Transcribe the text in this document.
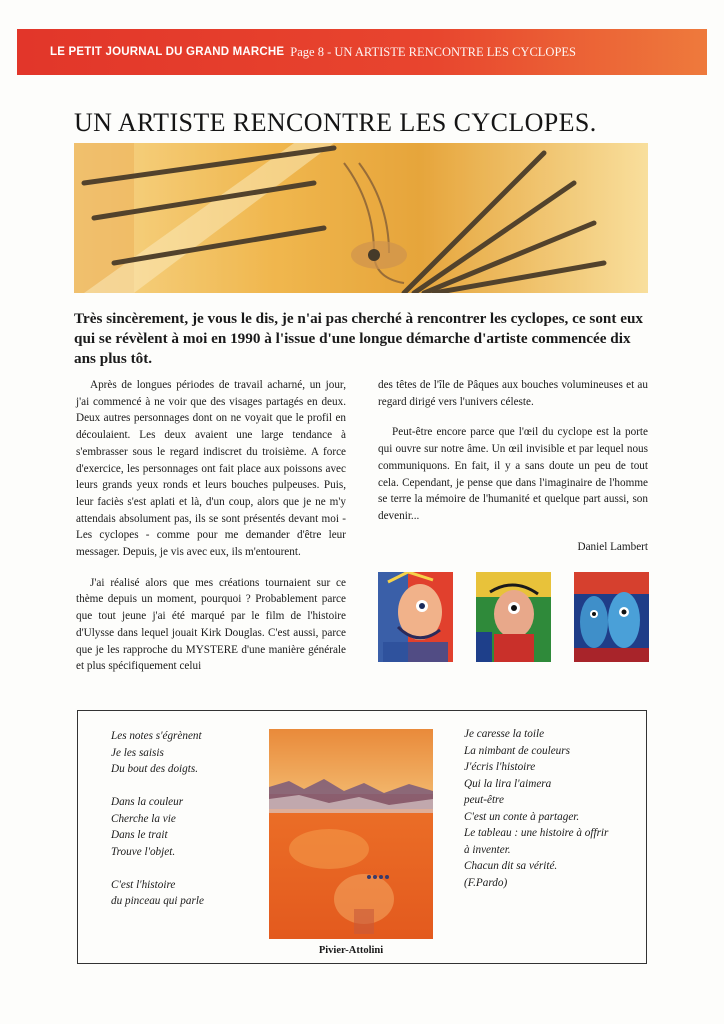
LE PETIT JOURNAL DU GRAND MARCHE Page 8 - UN ARTISTE RENCONTRE LES CYCLOPES
UN ARTISTE RENCONTRE LES CYCLOPES.

Très sincèrement, je vous le dis, je n'ai pas cherché à rencontrer les cyclopes, ce sont eux qui se révèlent à moi en 1990 à l'issue d'une longue démarche d'artiste commencée dix ans plus tôt.

Après de longues périodes de travail acharné, un jour, j'ai commencé à ne voir que des visages partagés en deux. Deux autres personnages dont on ne voyait que le profil en découlaient. Les deux avaient une large tendance à s'embrasser sous le regard indiscret du troisième. A force d'exercice, les personnages ont fait place aux poissons avec leurs grands yeux ronds et leurs bouches pulpeuses. Puis, leur faciès s'est aplati et là, d'un coup, alors que je ne m'y attendais absolument pas, ils se sont présentés devant moi - Les cyclopes - comme pour me demander d'être leur messager. Depuis, je vis avec eux, ils m'entourent.

J'ai réalisé alors que mes créations tournaient sur ce thème depuis un moment, pourquoi ? Probablement parce que tout jeune j'ai été marqué par le film de l'histoire d'Ulysse dans lequel jouait Kirk Douglas. C'est aussi, parce que je les rapproche du MYSTERE d'une manière générale et plus spécifiquement celui

des têtes de l'île de Pâques aux bouches volumineuses et au regard dirigé vers l'univers céleste.

Peut-être encore parce que l'œil du cyclope est la porte qui ouvre sur notre âme. Un œil invisible et par lequel nous communiquons. En fait, il y a sans doute un peu de tout cela. Cependant, je pense que dans l'imaginaire de l'homme se terre la mémoire de l'humanité et quelque part aussi, son devenir...

Daniel Lambert

Les notes s'égrènent
Je les saisis
Du bout des doigts.
Dans la couleur
Cherche la vie
Dans le trait
Trouve l'objet.
C'est l'histoire
du pinceau qui parle
Pivier-Attolini
Je caresse la toile
La nimbant de couleurs
J'écris l'histoire
Qui la lira l'aimera
peut-être
C'est un conte à partager.
Le tableau : une histoire à offrir
à inventer.
Chacun dit sa vérité.
(F.Pardo)
